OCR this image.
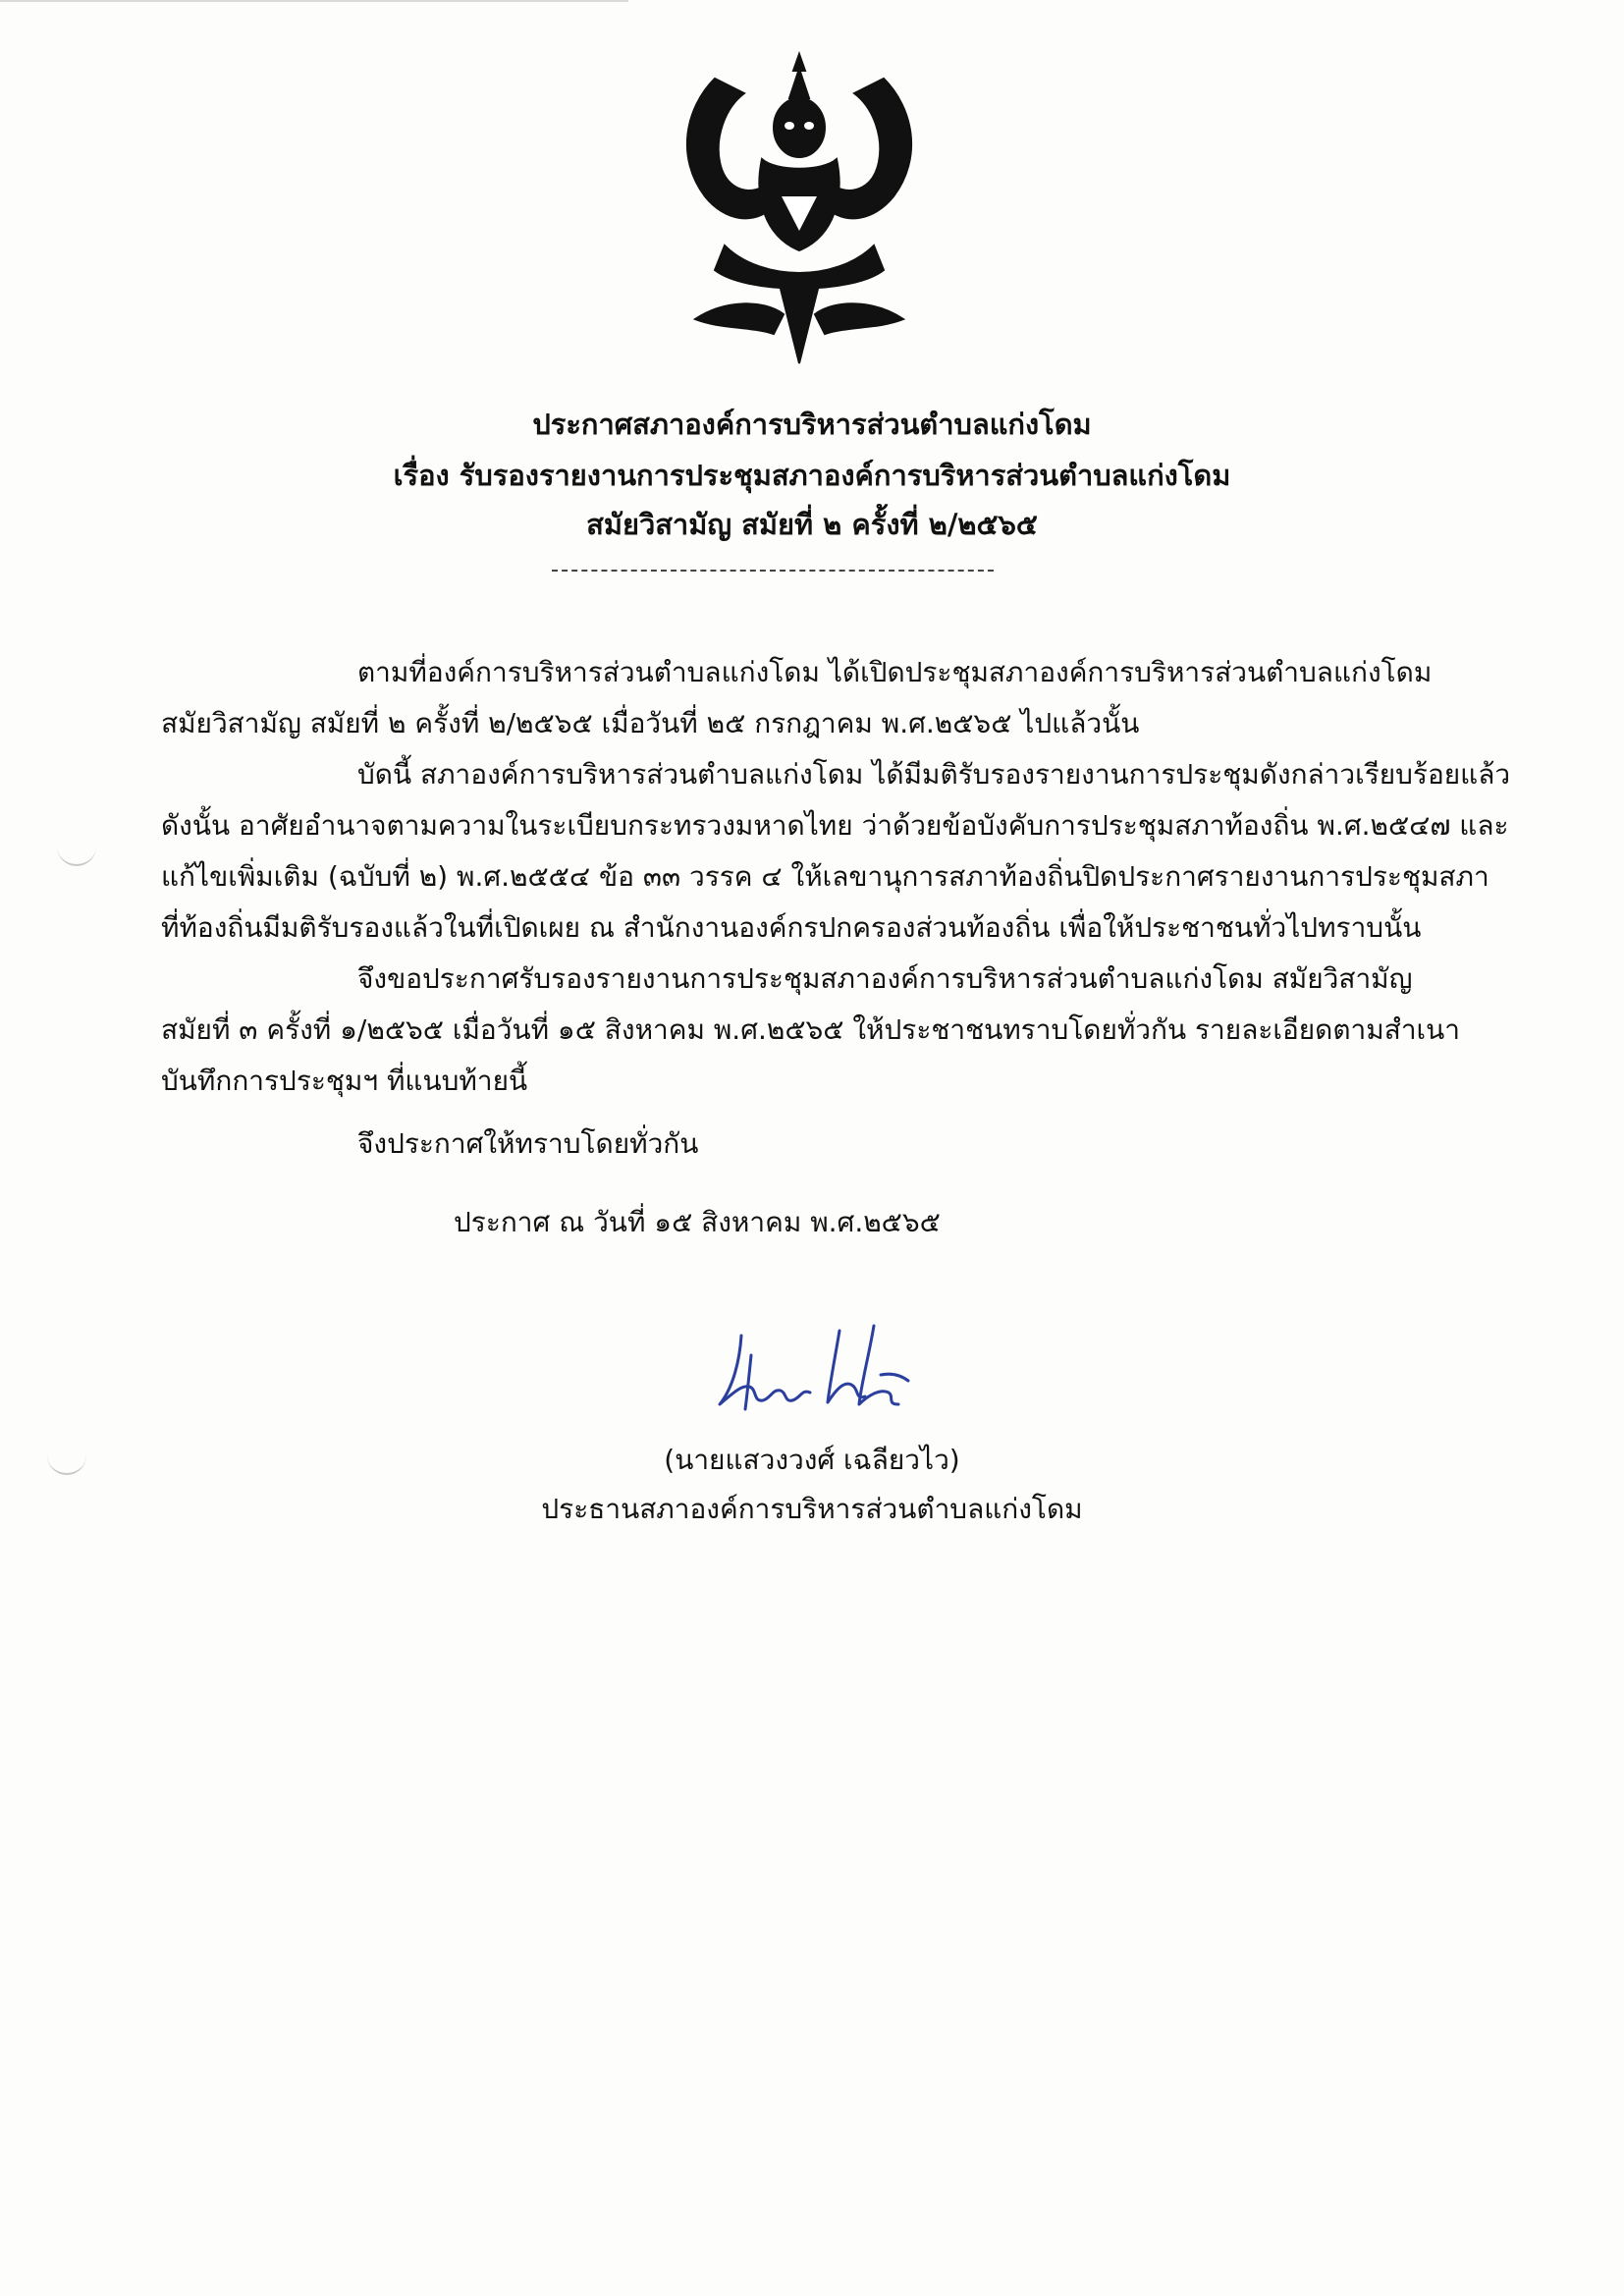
ประกาศสภาองค์การบริหารส่วนตำบลแก่งโดม
เรื่อง รับรองรายงานการประชุมสภาองค์การบริหารส่วนตำบลแก่งโดม
สมัยวิสามัญ สมัยที่ ๒ ครั้งที่ ๒/๒๕๖๕
ตามที่องค์การบริหารส่วนตำบลแก่งโดม ได้เปิดประชุมสภาองค์การบริหารส่วนตำบลแก่งโดม
สมัยวิสามัญ สมัยที่ ๒ ครั้งที่ ๒/๒๕๖๕ เมื่อวันที่ ๒๕ กรกฎาคม พ.ศ.๒๕๖๕ ไปแล้วนั้น
บัดนี้ สภาองค์การบริหารส่วนตำบลแก่งโดม ได้มีมติรับรองรายงานการประชุมดังกล่าวเรียบร้อยแล้ว
ดังนั้น อาศัยอำนาจตามความในระเบียบกระทรวงมหาดไทย ว่าด้วยข้อบังคับการประชุมสภาท้องถิ่น พ.ศ.๒๕๔๗ และ
แก้ไขเพิ่มเติม (ฉบับที่ ๒) พ.ศ.๒๕๕๔ ข้อ ๓๓ วรรค ๔ ให้เลขานุการสภาท้องถิ่นปิดประกาศรายงานการประชุมสภา
ที่ท้องถิ่นมีมติรับรองแล้วในที่เปิดเผย ณ สำนักงานองค์กรปกครองส่วนท้องถิ่น เพื่อให้ประชาชนทั่วไปทราบนั้น
จึงขอประกาศรับรองรายงานการประชุมสภาองค์การบริหารส่วนตำบลแก่งโดม สมัยวิสามัญ
สมัยที่ ๓ ครั้งที่ ๑/๒๕๖๕ เมื่อวันที่ ๑๕ สิงหาคม พ.ศ.๒๕๖๕ ให้ประชาชนทราบโดยทั่วกัน รายละเอียดตามสำเนา
บันทึกการประชุมฯ ที่แนบท้ายนี้
จึงประกาศให้ทราบโดยทั่วกัน
ประกาศ ณ วันที่ ๑๕ สิงหาคม พ.ศ.๒๕๖๕
(นายแสวงวงศ์ เฉลียวไว)
ประธานสภาองค์การบริหารส่วนตำบลแก่งโดม
